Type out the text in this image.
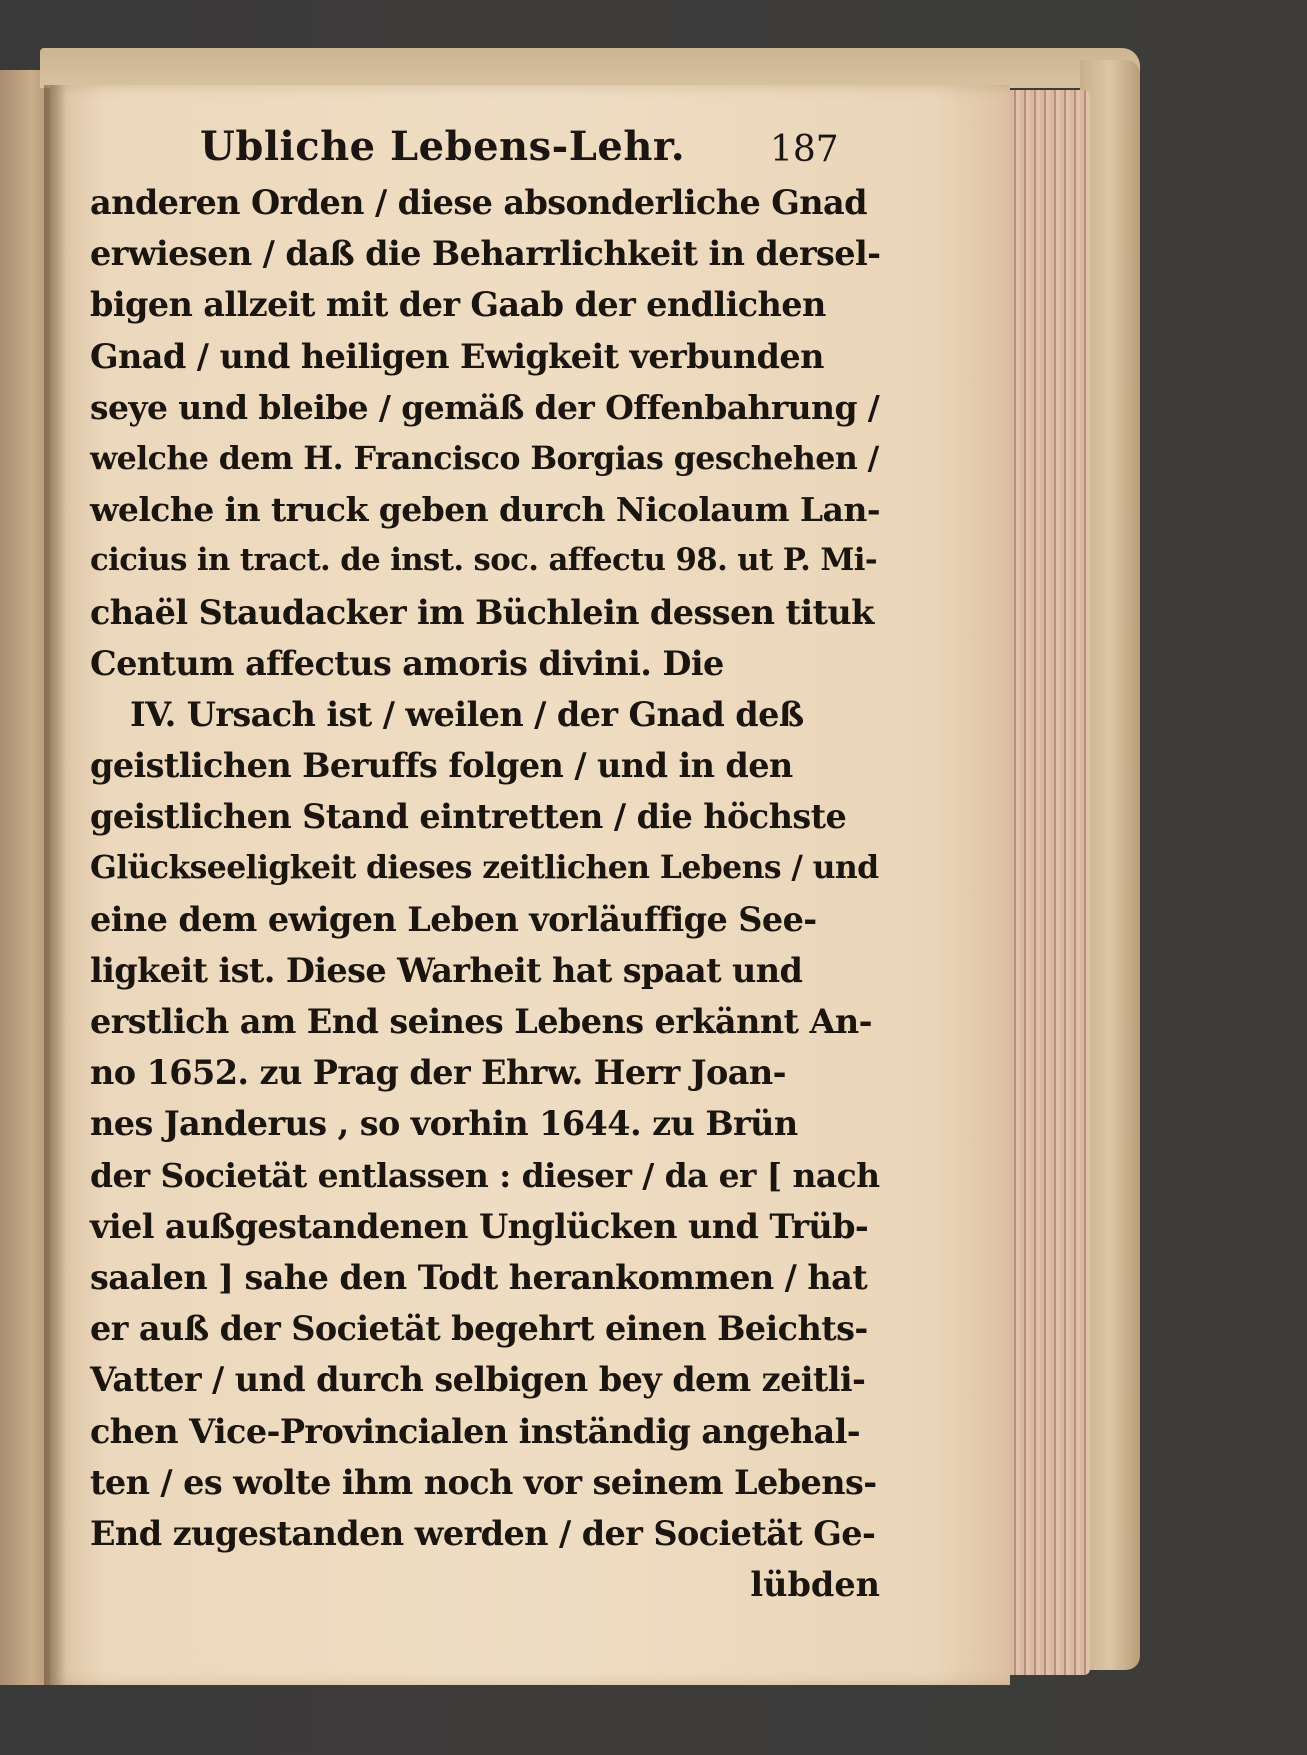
Ubliche Lebens-Lehr. 187
anderen Orden / diese absonderliche Gnad
erwiesen / daß die Beharrlichkeit in dersel-
bigen allzeit mit der Gaab der endlichen
Gnad / und heiligen Ewigkeit verbunden
seye und bleibe / gemäß der Offenbahrung /
welche dem H. Francisco Borgias geschehen /
welche in truck geben durch Nicolaum Lan-
cicius in tract. de inst. soc. affectu 98. ut P. Mi-
chaël Staudacker im Büchlein dessen tituk
Centum affectus amoris divini. Die
IV. Ursach ist / weilen / der Gnad deß
geistlichen Beruffs folgen / und in den
geistlichen Stand eintretten / die höchste
Glückseeligkeit dieses zeitlichen Lebens / und
eine dem ewigen Leben vorläuffige See-
ligkeit ist. Diese Warheit hat spaat und
erstlich am End seines Lebens erkännt An-
no 1652. zu Prag der Ehrw. Herr Joan-
nes Janderus , so vorhin 1644. zu Brün
der Societät entlassen : dieser / da er [ nach
viel außgestandenen Unglücken und Trüb-
saalen ] sahe den Todt herankommen / hat
er auß der Societät begehrt einen Beichts-
Vatter / und durch selbigen bey dem zeitli-
chen Vice-Provincialen inständig angehal-
ten / es wolte ihm noch vor seinem Lebens-
End zugestanden werden / der Societät Ge-
lübden
